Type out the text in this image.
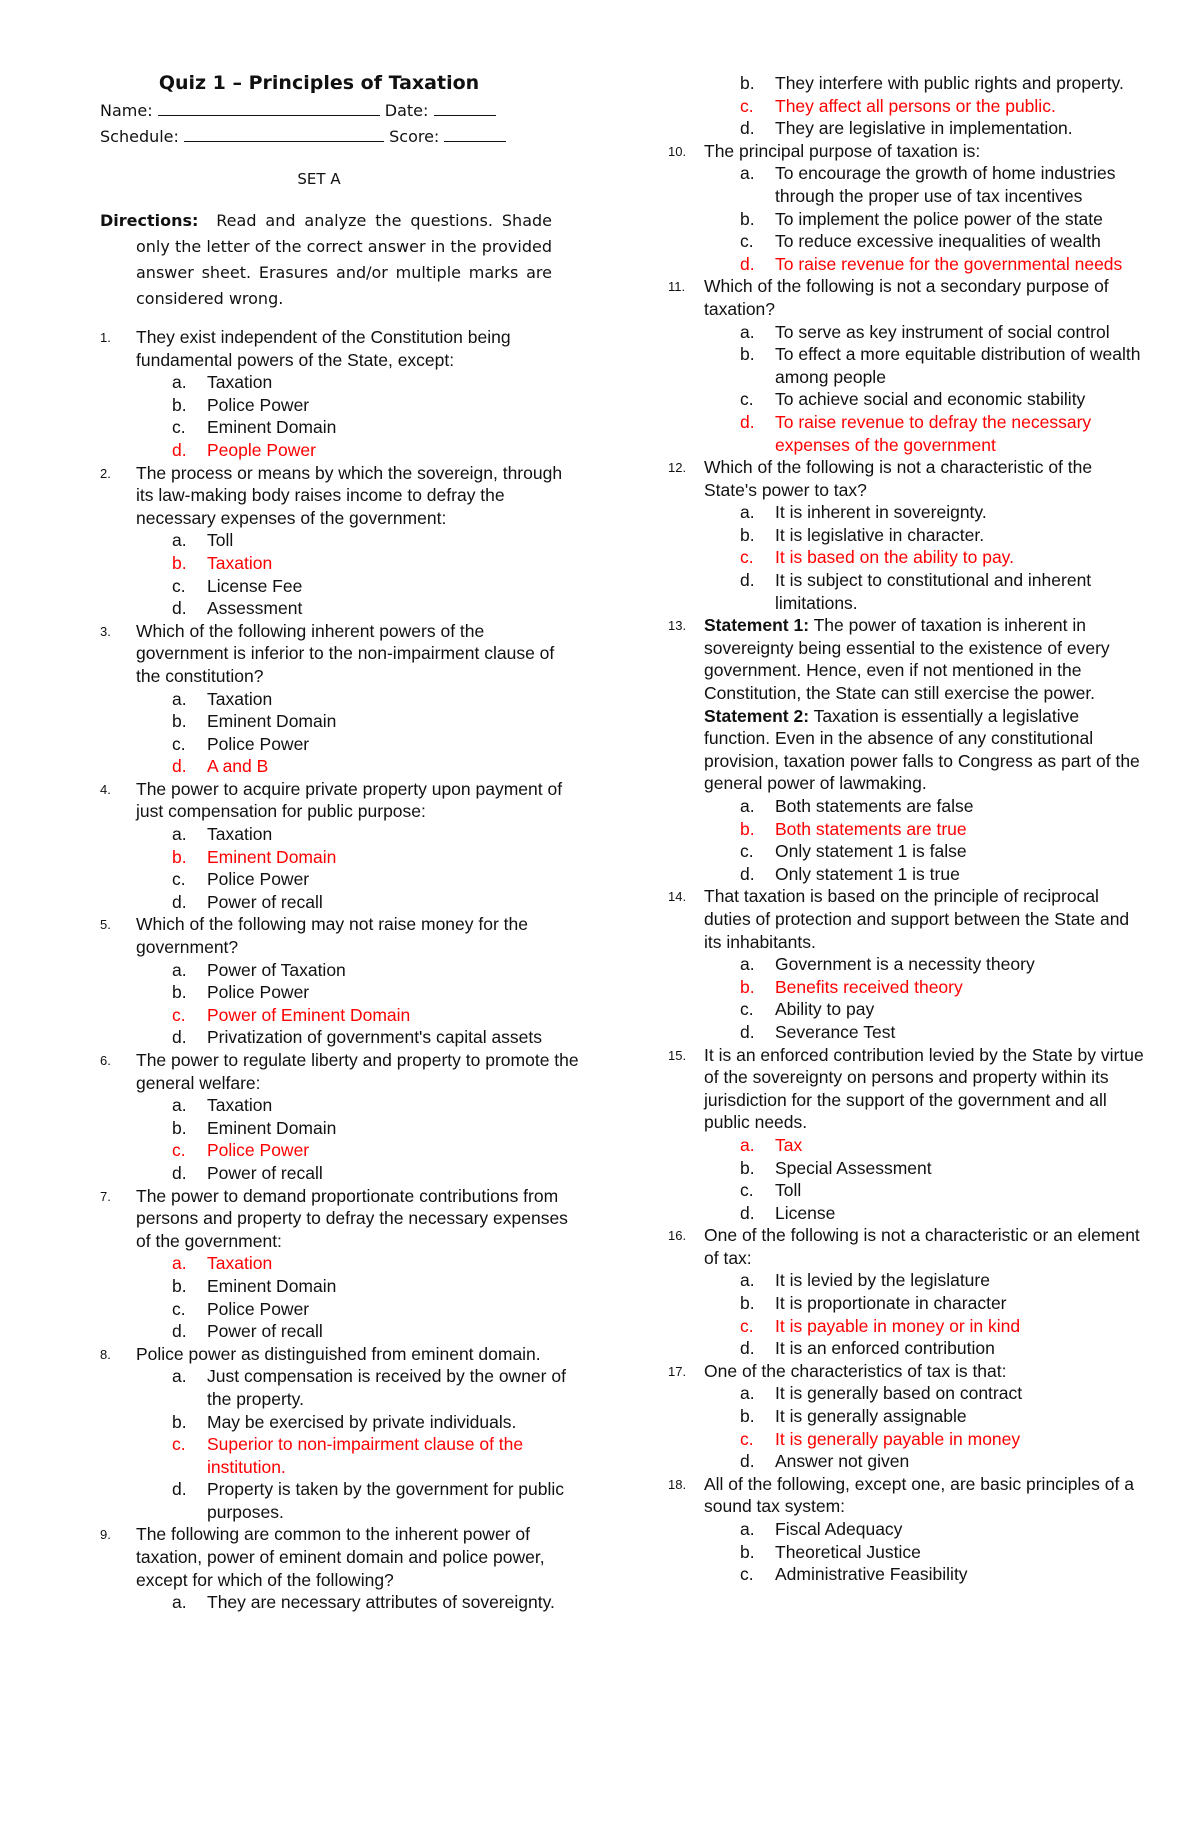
Quiz 1 – Principles of Taxation
Name:	Date:
Schedule:	Score:
SET A
Directions: Read and analyze the questions. Shade only the letter of the correct answer in the provided answer sheet. Erasures and/or multiple marks are considered wrong.
1.	They exist independent of the Constitution being fundamental powers of the State, except:
a. Taxation
b. Police Power
c. Eminent Domain
d. People Power
2.	The process or means by which the sovereign, through its law-making body raises income to defray the necessary expenses of the government:
a. Toll
b. Taxation
c. License Fee
d. Assessment
3.	Which of the following inherent powers of the government is inferior to the non-impairment clause of the constitution?
a. Taxation
b. Eminent Domain
c. Police Power
d. A and B
4.	The power to acquire private property upon payment of just compensation for public purpose:
a. Taxation
b. Eminent Domain
c. Police Power
d. Power of recall
5.	Which of the following may not raise money for the government?
a. Power of Taxation
b. Police Power
c. Power of Eminent Domain
d. Privatization of government's capital assets
6.	The power to regulate liberty and property to promote the general welfare:
a. Taxation
b. Eminent Domain
c. Police Power
d. Power of recall
7.	The power to demand proportionate contributions from persons and property to defray the necessary expenses of the government:
a. Taxation
b. Eminent Domain
c. Police Power
d. Power of recall
8.	Police power as distinguished from eminent domain.
a. Just compensation is received by the owner of the property.
b. May be exercised by private individuals.
c. Superior to non-impairment clause of the institution.
d. Property is taken by the government for public purposes.
9.	The following are common to the inherent power of taxation, power of eminent domain and police power, except for which of the following?
a. They are necessary attributes of sovereignty.
b. They interfere with public rights and property.
c. They affect all persons or the public.
d. They are legislative in implementation.
10.	The principal purpose of taxation is:
a. To encourage the growth of home industries through the proper use of tax incentives
b. To implement the police power of the state
c. To reduce excessive inequalities of wealth
d. To raise revenue for the governmental needs
11.	Which of the following is not a secondary purpose of taxation?
a. To serve as key instrument of social control
b. To effect a more equitable distribution of wealth among people
c. To achieve social and economic stability
d. To raise revenue to defray the necessary expenses of the government
12.	Which of the following is not a characteristic of the State's power to tax?
a. It is inherent in sovereignty.
b. It is legislative in character.
c. It is based on the ability to pay.
d. It is subject to constitutional and inherent limitations.
13.	Statement 1: The power of taxation is inherent in sovereignty being essential to the existence of every government. Hence, even if not mentioned in the Constitution, the State can still exercise the power.
Statement 2: Taxation is essentially a legislative function. Even in the absence of any constitutional provision, taxation power falls to Congress as part of the general power of lawmaking.
a. Both statements are false
b. Both statements are true
c. Only statement 1 is false
d. Only statement 1 is true
14.	That taxation is based on the principle of reciprocal duties of protection and support between the State and its inhabitants.
a. Government is a necessity theory
b. Benefits received theory
c. Ability to pay
d. Severance Test
15.	It is an enforced contribution levied by the State by virtue of the sovereignty on persons and property within its jurisdiction for the support of the government and all public needs.
a. Tax
b. Special Assessment
c. Toll
d. License
16.	One of the following is not a characteristic or an element of tax:
a. It is levied by the legislature
b. It is proportionate in character
c. It is payable in money or in kind
d. It is an enforced contribution
17.	One of the characteristics of tax is that:
a. It is generally based on contract
b. It is generally assignable
c. It is generally payable in money
d. Answer not given
18.	All of the following, except one, are basic principles of a sound tax system:
a. Fiscal Adequacy
b. Theoretical Justice
c. Administrative Feasibility
